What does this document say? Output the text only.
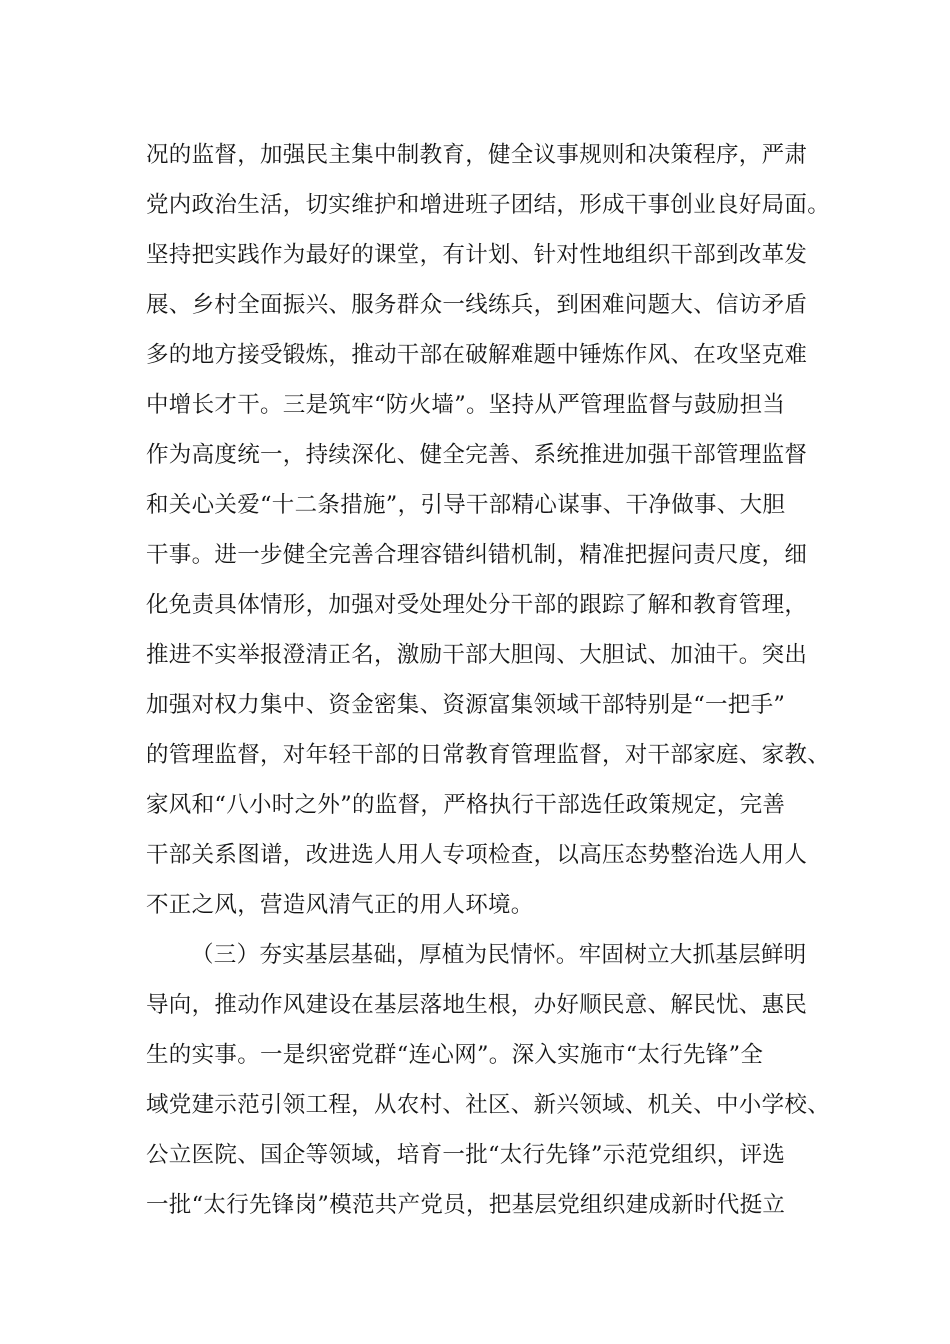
况的监督，加强民主集中制教育，健全议事规则和决策程序，严肃
党内政治生活，切实维护和增进班子团结，形成干事创业良好局面。
坚持把实践作为最好的课堂，有计划、针对性地组织干部到改革发
展、乡村全面振兴、服务群众一线练兵，到困难问题大、信访矛盾
多的地方接受锻炼，推动干部在破解难题中锤炼作风、在攻坚克难
中增长才干。三是筑牢“防火墙”。坚持从严管理监督与鼓励担当
作为高度统一，持续深化、健全完善、系统推进加强干部管理监督
和关心关爱“十二条措施”，引导干部精心谋事、干净做事、大胆
干事。进一步健全完善合理容错纠错机制，精准把握问责尺度，细
化免责具体情形，加强对受处理处分干部的跟踪了解和教育管理，
推进不实举报澄清正名，激励干部大胆闯、大胆试、加油干。突出
加强对权力集中、资金密集、资源富集领域干部特别是“一把手”
的管理监督，对年轻干部的日常教育管理监督，对干部家庭、家教、
家风和“八小时之外”的监督，严格执行干部选任政策规定，完善
干部关系图谱，改进选人用人专项检查，以高压态势整治选人用人
不正之风，营造风清气正的用人环境。
（三）夯实基层基础，厚植为民情怀。牢固树立大抓基层鲜明
导向，推动作风建设在基层落地生根，办好顺民意、解民忧、惠民
生的实事。一是织密党群“连心网”。深入实施市“太行先锋”全
域党建示范引领工程，从农村、社区、新兴领域、机关、中小学校、
公立医院、国企等领域，培育一批“太行先锋”示范党组织，评选
一批“太行先锋岗”模范共产党员，把基层党组织建成新时代挺立
